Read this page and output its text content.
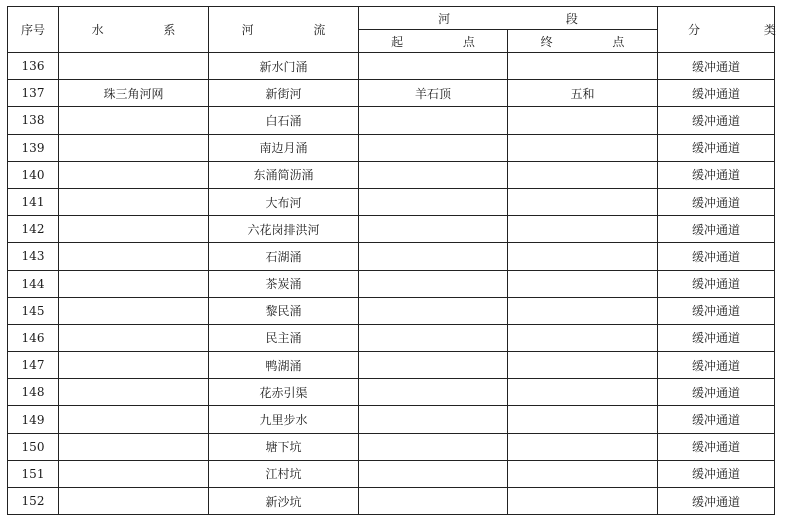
序号	水 系	河 流	河 段		分 类
			起 点	终 点	
136		新水门涌			缓冲通道
137	珠三角河网	新街河	羊石顶	五和	缓冲通道
138		白石涌			缓冲通道
139		南边月涌			缓冲通道
140		东涌简沥涌			缓冲通道
141		大布河			缓冲通道
142		六花岗排洪河			缓冲通道
143		石湖涌			缓冲通道
144		茶炭涌			缓冲通道
145		黎民涌			缓冲通道
146		民主涌			缓冲通道
147		鸭湖涌			缓冲通道
148		花赤引渠			缓冲通道
149		九里步水			缓冲通道
150		塘下坑			缓冲通道
151		江村坑			缓冲通道
152		新沙坑			缓冲通道
